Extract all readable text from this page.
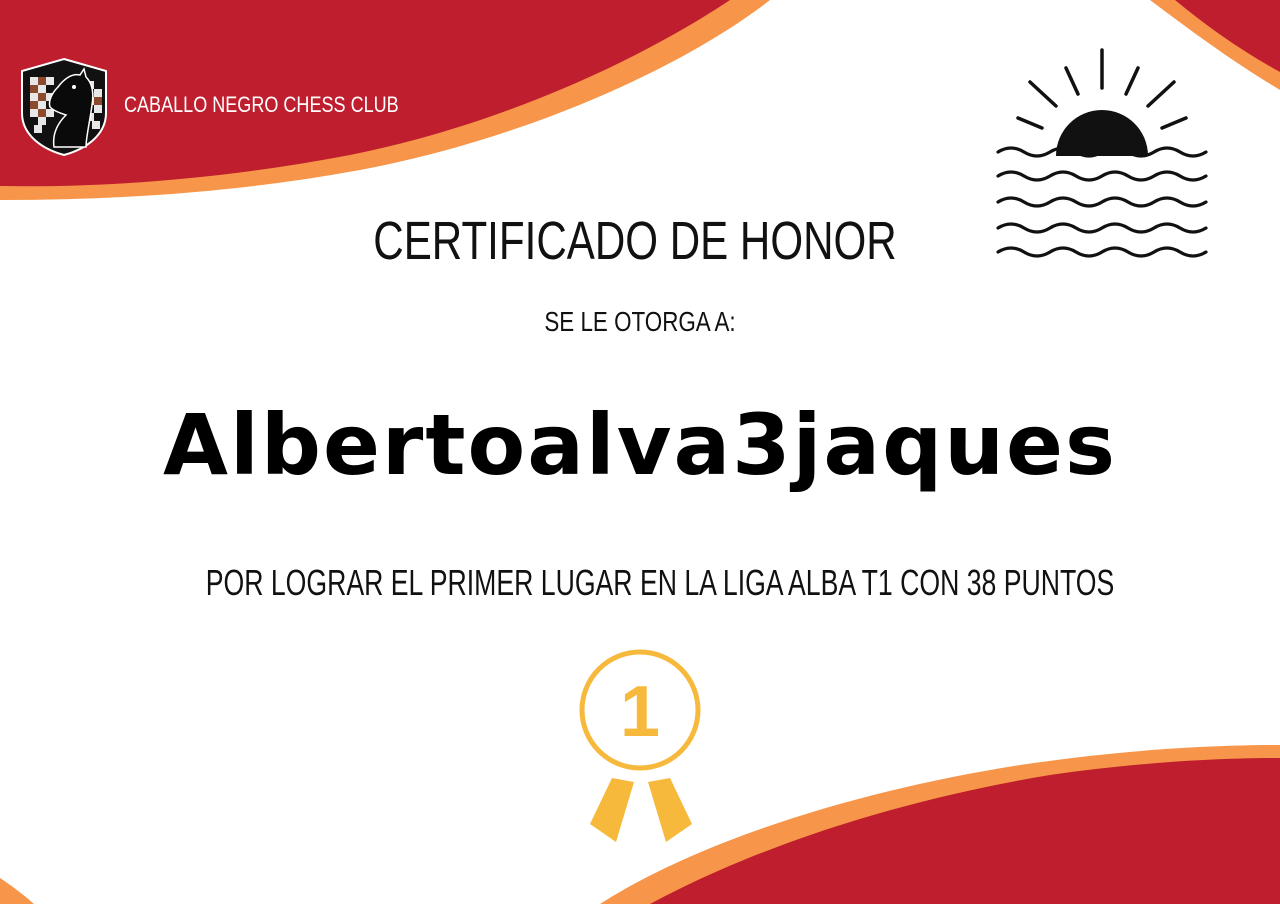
CABALLO NEGRO CHESS CLUB
CERTIFICADO DE HONOR
SE LE OTORGA A:
Albertoalva3jaques
POR LOGRAR EL PRIMER LUGAR EN LA LIGA ALBA T1 CON 38 PUNTOS
1
